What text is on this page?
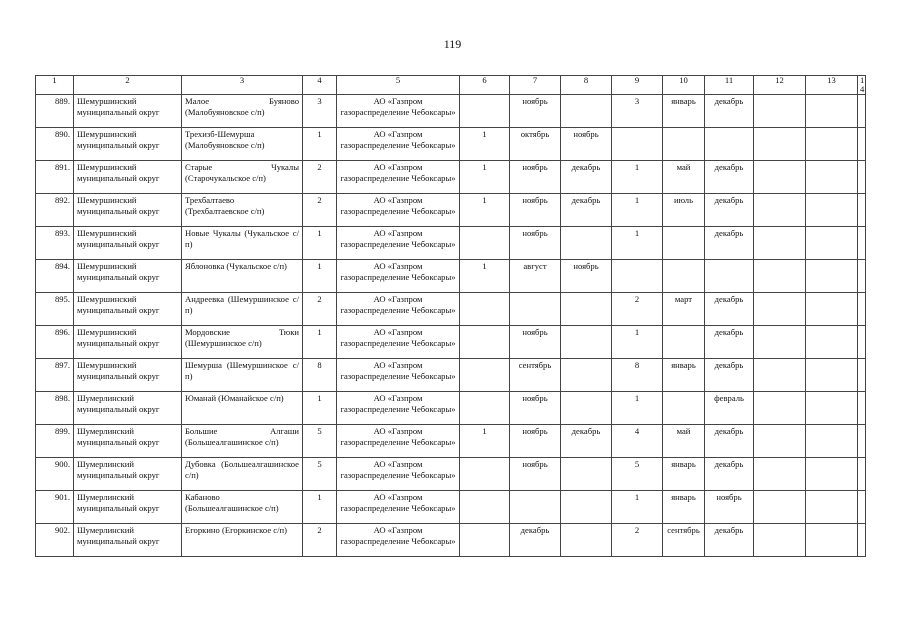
119
1	2	3	4	5	6	7	8	9	10	11	12	13	14
889.	Шемуршинский муниципальный округ	Малое Буяново (Малобуяновское с/п)	3	АО «Газпром газораспределение Чебоксары»		ноябрь		3	январь	декабрь			
890.	Шемуршинский муниципальный округ	Трехизб-Шемурша (Малобуяновское с/п)	1	АО «Газпром газораспределение Чебоксары»	1	октябрь	ноябрь						
891.	Шемуршинский муниципальный округ	Старые Чукалы (Старочукальское с/п)	2	АО «Газпром газораспределение Чебоксары»	1	ноябрь	декабрь	1	май	декабрь			
892.	Шемуршинский муниципальный округ	Трехбалтаево (Трехбалтаевское с/п)	2	АО «Газпром газораспределение Чебоксары»	1	ноябрь	декабрь	1	июль	декабрь			
893.	Шемуршинский муниципальный округ	Новые Чукалы (Чукальское с/п)	1	АО «Газпром газораспределение Чебоксары»		ноябрь		1		декабрь			
894.	Шемуршинский муниципальный округ	Яблоновка (Чукальское с/п)	1	АО «Газпром газораспределение Чебоксары»	1	август	ноябрь						
895.	Шемуршинский муниципальный округ	Андреевка (Шемуршинское с/п)	2	АО «Газпром газораспределение Чебоксары»				2	март	декабрь			
896.	Шемуршинский муниципальный округ	Мордовские Тюки (Шемуршинское с/п)	1	АО «Газпром газораспределение Чебоксары»		ноябрь		1		декабрь			
897.	Шемуршинский муниципальный округ	Шемурша (Шемуршинское с/п)	8	АО «Газпром газораспределение Чебоксары»		сентябрь		8	январь	декабрь			
898.	Шумерлинский муниципальный округ	Юманай (Юманайское с/п)	1	АО «Газпром газораспределение Чебоксары»		ноябрь		1		февраль			
899.	Шумерлинский муниципальный округ	Большие Алгаши (Большеалгашинское с/п)	5	АО «Газпром газораспределение Чебоксары»	1	ноябрь	декабрь	4	май	декабрь			
900.	Шумерлинский муниципальный округ	Дубовка (Большеалгашинское с/п)	5	АО «Газпром газораспределение Чебоксары»		ноябрь		5	январь	декабрь			
901.	Шумерлинский муниципальный округ	Кабаново (Большеалгашинское с/п)	1	АО «Газпром газораспределение Чебоксары»				1	январь	ноябрь			
902.	Шумерлинский муниципальный округ	Егоркино (Егоркинское с/п)	2	АО «Газпром газораспределение Чебоксары»		декабрь		2	сентябрь	декабрь			
